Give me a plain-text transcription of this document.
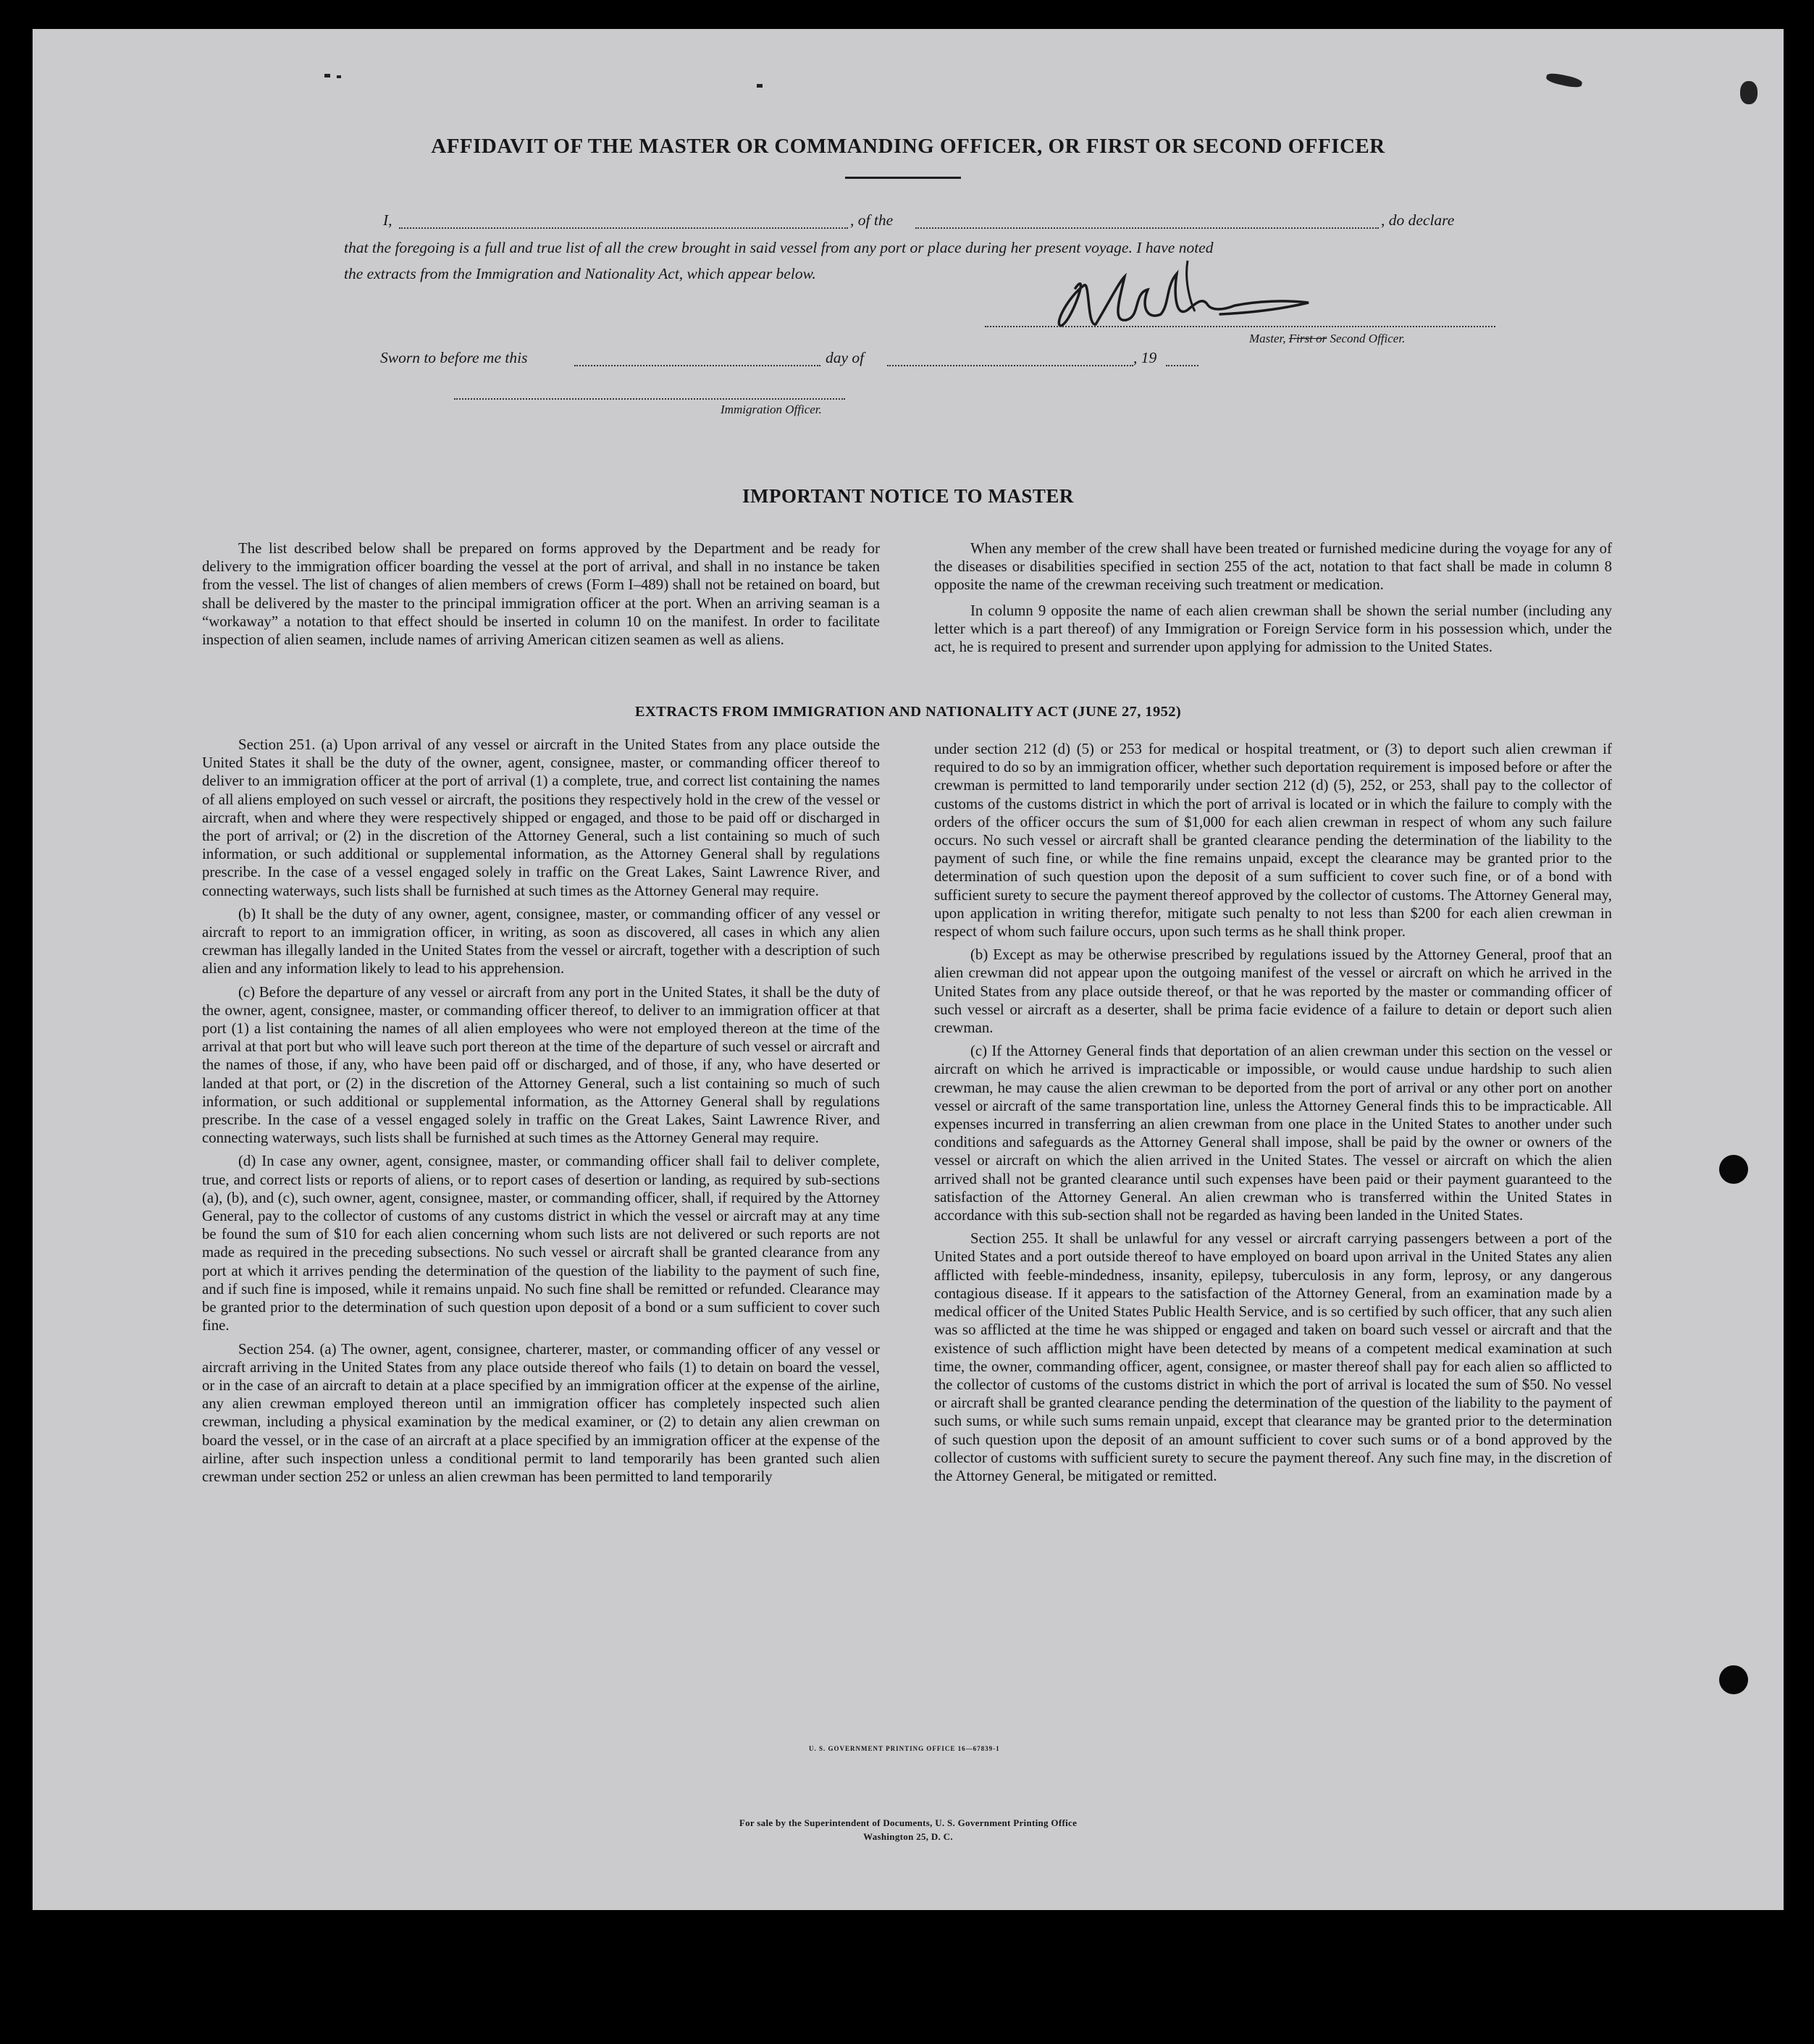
AFFIDAVIT OF THE MASTER OR COMMANDING OFFICER, OR FIRST OR SECOND OFFICER
I,	, of the	, do declare
that the foregoing is a full and true list of all the crew brought in said vessel from any port or place during her present voyage. I have noted
the extracts from the Immigration and Nationality Act, which appear below.
Master, First or Second Officer.
Sworn to before me this	day of	, 19
Immigration Officer.
IMPORTANT NOTICE TO MASTER

The list described below shall be prepared on forms approved by the Department and be ready for delivery to the immigration officer boarding the vessel at the port of arrival, and shall in no instance be taken from the vessel. The list of changes of alien members of crews (Form I–489) shall not be retained on board, but shall be delivered by the master to the principal immigration officer at the port. When an arriving seaman is a “workaway” a notation to that effect should be inserted in column 10 on the manifest. In order to facilitate inspection of alien seamen, include names of arriving American citizen seamen as well as aliens.

When any member of the crew shall have been treated or furnished medicine during the voyage for any of the diseases or disabilities specified in section 255 of the act, notation to that fact shall be made in column 8 opposite the name of the crewman receiving such treatment or medication.

In column 9 opposite the name of each alien crewman shall be shown the serial number (including any letter which is a part thereof) of any Immigration or Foreign Service form in his possession which, under the act, he is required to present and surrender upon applying for admission to the United States.

EXTRACTS FROM IMMIGRATION AND NATIONALITY ACT (JUNE 27, 1952)

Section 251. (a) Upon arrival of any vessel or aircraft in the United States from any place outside the United States it shall be the duty of the owner, agent, consignee, master, or commanding officer thereof to deliver to an immigration officer at the port of arrival (1) a complete, true, and correct list containing the names of all aliens employed on such vessel or aircraft, the positions they respectively hold in the crew of the vessel or aircraft, when and where they were respectively shipped or engaged, and those to be paid off or discharged in the port of arrival; or (2) in the discretion of the Attorney General, such a list containing so much of such information, or such additional or supplemental information, as the Attorney General shall by regulations prescribe. In the case of a vessel engaged solely in traffic on the Great Lakes, Saint Lawrence River, and connecting waterways, such lists shall be furnished at such times as the Attorney General may require.

(b) It shall be the duty of any owner, agent, consignee, master, or commanding officer of any vessel or aircraft to report to an immigration officer, in writing, as soon as discovered, all cases in which any alien crewman has illegally landed in the United States from the vessel or aircraft, together with a description of such alien and any information likely to lead to his apprehension.

(c) Before the departure of any vessel or aircraft from any port in the United States, it shall be the duty of the owner, agent, consignee, master, or commanding officer thereof, to deliver to an immigration officer at that port (1) a list containing the names of all alien employees who were not employed thereon at the time of the arrival at that port but who will leave such port thereon at the time of the departure of such vessel or aircraft and the names of those, if any, who have been paid off or discharged, and of those, if any, who have deserted or landed at that port, or (2) in the discretion of the Attorney General, such a list containing so much of such information, or such additional or supplemental information, as the Attorney General shall by regulations prescribe. In the case of a vessel engaged solely in traffic on the Great Lakes, Saint Lawrence River, and connecting waterways, such lists shall be furnished at such times as the Attorney General may require.

(d) In case any owner, agent, consignee, master, or commanding officer shall fail to deliver complete, true, and correct lists or reports of aliens, or to report cases of desertion or landing, as required by sub-sections (a), (b), and (c), such owner, agent, consignee, master, or commanding officer, shall, if required by the Attorney General, pay to the collector of customs of any customs district in which the vessel or aircraft may at any time be found the sum of $10 for each alien concerning whom such lists are not delivered or such reports are not made as required in the preceding subsections. No such vessel or aircraft shall be granted clearance from any port at which it arrives pending the determination of the question of the liability to the payment of such fine, and if such fine is imposed, while it remains unpaid. No such fine shall be remitted or refunded. Clearance may be granted prior to the determination of such question upon deposit of a bond or a sum sufficient to cover such fine.

Section 254. (a) The owner, agent, consignee, charterer, master, or commanding officer of any vessel or aircraft arriving in the United States from any place outside thereof who fails (1) to detain on board the vessel, or in the case of an aircraft to detain at a place specified by an immigration officer at the expense of the airline, any alien crewman employed thereon until an immigration officer has completely inspected such alien crewman, including a physical examination by the medical examiner, or (2) to detain any alien crewman on board the vessel, or in the case of an aircraft at a place specified by an immigration officer at the expense of the airline, after such inspection unless a conditional permit to land temporarily has been granted such alien crewman under section 252 or unless an alien crewman has been permitted to land temporarily

under section 212 (d) (5) or 253 for medical or hospital treatment, or (3) to deport such alien crewman if required to do so by an immigration officer, whether such deportation requirement is imposed before or after the crewman is permitted to land temporarily under section 212 (d) (5), 252, or 253, shall pay to the collector of customs of the customs district in which the port of arrival is located or in which the failure to comply with the orders of the officer occurs the sum of $1,000 for each alien crewman in respect of whom any such failure occurs. No such vessel or aircraft shall be granted clearance pending the determination of the liability to the payment of such fine, or while the fine remains unpaid, except the clearance may be granted prior to the determination of such question upon the deposit of a sum sufficient to cover such fine, or of a bond with sufficient surety to secure the payment thereof approved by the collector of customs. The Attorney General may, upon application in writing therefor, mitigate such penalty to not less than $200 for each alien crewman in respect of whom such failure occurs, upon such terms as he shall think proper.

(b) Except as may be otherwise prescribed by regulations issued by the Attorney General, proof that an alien crewman did not appear upon the outgoing manifest of the vessel or aircraft on which he arrived in the United States from any place outside thereof, or that he was reported by the master or commanding officer of such vessel or aircraft as a deserter, shall be prima facie evidence of a failure to detain or deport such alien crewman.

(c) If the Attorney General finds that deportation of an alien crewman under this section on the vessel or aircraft on which he arrived is impracticable or impossible, or would cause undue hardship to such alien crewman, he may cause the alien crewman to be deported from the port of arrival or any other port on another vessel or aircraft of the same transportation line, unless the Attorney General finds this to be impracticable. All expenses incurred in transferring an alien crewman from one place in the United States to another under such conditions and safeguards as the Attorney General shall impose, shall be paid by the owner or owners of the vessel or aircraft on which the alien arrived in the United States. The vessel or aircraft on which the alien arrived shall not be granted clearance until such expenses have been paid or their payment guaranteed to the satisfaction of the Attorney General. An alien crewman who is transferred within the United States in accordance with this sub-section shall not be regarded as having been landed in the United States.

Section 255. It shall be unlawful for any vessel or aircraft carrying passengers between a port of the United States and a port outside thereof to have employed on board upon arrival in the United States any alien afflicted with feeble-mindedness, insanity, epilepsy, tuberculosis in any form, leprosy, or any dangerous contagious disease. If it appears to the satisfaction of the Attorney General, from an examination made by a medical officer of the United States Public Health Service, and is so certified by such officer, that any such alien was so afflicted at the time he was shipped or engaged and taken on board such vessel or aircraft and that the existence of such affliction might have been detected by means of a competent medical examination at such time, the owner, commanding officer, agent, consignee, or master thereof shall pay for each alien so afflicted to the collector of customs of the customs district in which the port of arrival is located the sum of $50. No vessel or aircraft shall be granted clearance pending the determination of the question of the liability to the payment of such sums, or while such sums remain unpaid, except that clearance may be granted prior to the determination of such question upon the deposit of an amount sufficient to cover such sums or of a bond approved by the collector of customs with sufficient surety to secure the payment thereof. Any such fine may, in the discretion of the Attorney General, be mitigated or remitted.

U. S. GOVERNMENT PRINTING OFFICE 16—67839-1
For sale by the Superintendent of Documents, U. S. Government Printing Office
Washington 25, D. C.
